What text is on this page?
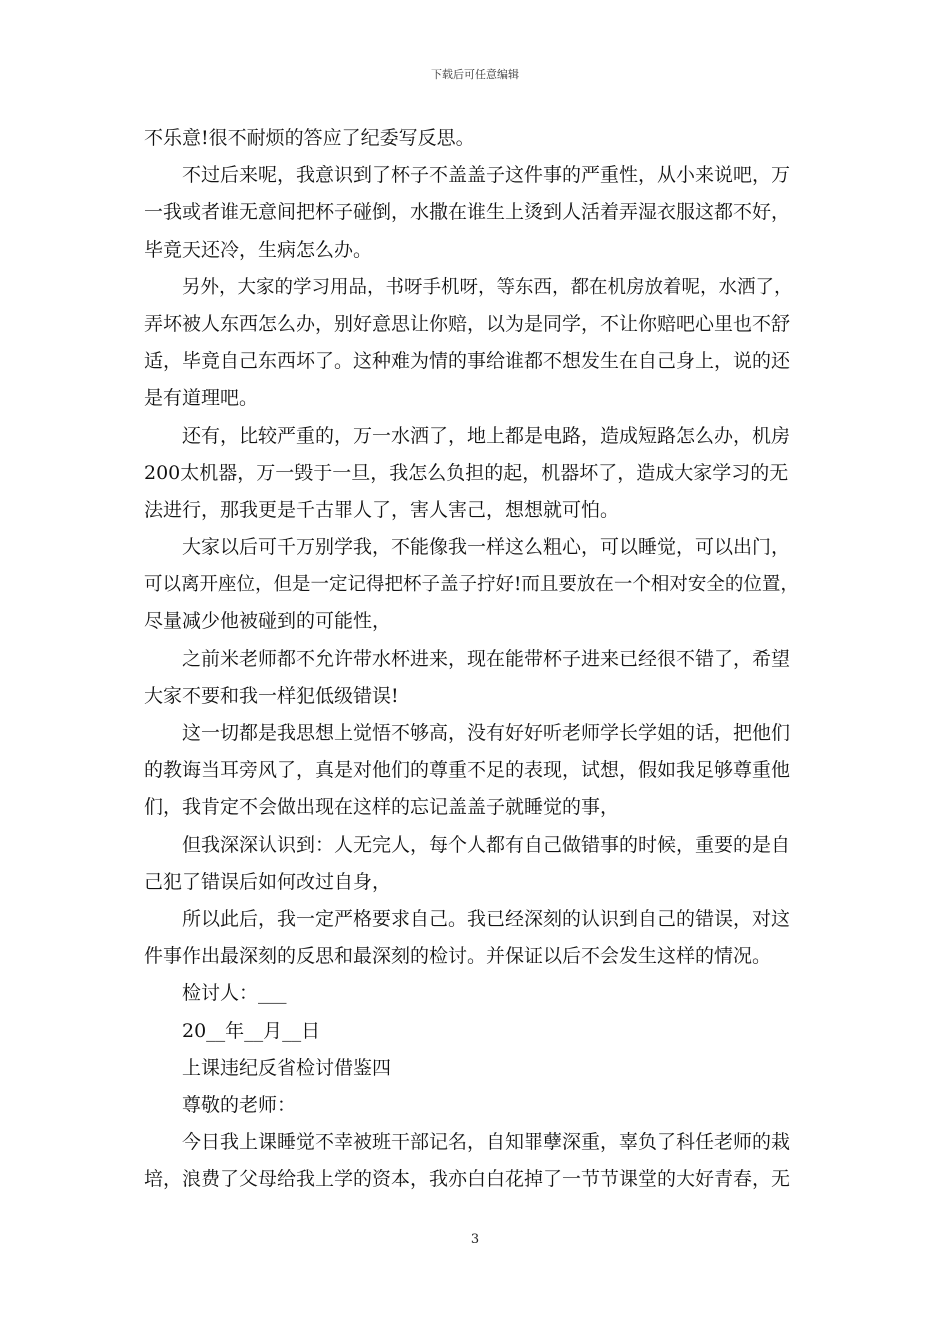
下载后可任意编辑
不乐意!很不耐烦的答应了纪委写反思。
不过后来呢，我意识到了杯子不盖盖子这件事的严重性，从小来说吧，万
一我或者谁无意间把杯子碰倒，水撒在谁生上烫到人活着弄湿衣服这都不好，
毕竟天还冷，生病怎么办。
另外，大家的学习用品，书呀手机呀，等东西，都在机房放着呢，水洒了，
弄坏被人东西怎么办，别好意思让你赔，以为是同学，不让你赔吧心里也不舒
适，毕竟自己东西坏了。这种难为情的事给谁都不想发生在自己身上，说的还
是有道理吧。
还有，比较严重的，万一水洒了，地上都是电路，造成短路怎么办，机房
200太机器，万一毁于一旦，我怎么负担的起，机器坏了，造成大家学习的无
法进行，那我更是千古罪人了，害人害己，想想就可怕。
大家以后可千万别学我，不能像我一样这么粗心，可以睡觉，可以出门，
可以离开座位，但是一定记得把杯子盖子拧好!而且要放在一个相对安全的位置，
尽量减少他被碰到的可能性，
之前米老师都不允许带水杯进来，现在能带杯子进来已经很不错了，希望
大家不要和我一样犯低级错误!
这一切都是我思想上觉悟不够高，没有好好听老师学长学姐的话，把他们
的教诲当耳旁风了，真是对他们的尊重不足的表现，试想，假如我足够尊重他
们，我肯定不会做出现在这样的忘记盖盖子就睡觉的事，
但我深深认识到：人无完人，每个人都有自己做错事的时候，重要的是自
己犯了错误后如何改过自身，
所以此后，我一定严格要求自己。我已经深刻的认识到自己的错误，对这
件事作出最深刻的反思和最深刻的检讨。并保证以后不会发生这样的情况。
检讨人：___
20__年__月__日
上课违纪反省检讨借鉴四
尊敬的老师：
今日我上课睡觉不幸被班干部记名，自知罪孽深重，辜负了科任老师的栽
培，浪费了父母给我上学的资本，我亦白白花掉了一节节课堂的大好青春，无
3
